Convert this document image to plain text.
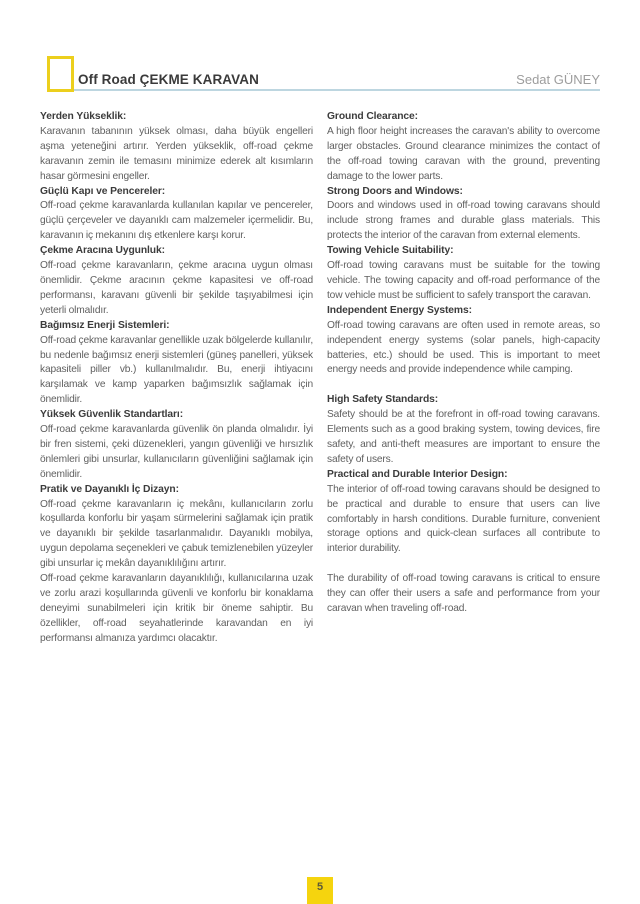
Off Road ÇEKME KARAVAN	Sedat GÜNEY
Yerden Yükseklik:

Karavanın tabanının yüksek olması, daha büyük engelleri aşma yeteneğini artırır. Yerden yükseklik, off-road çekme karavanın zemin ile temasını minimize ederek alt kısımların hasar görmesini engeller.

Güçlü Kapı ve Pencereler:

Off-road çekme karavanlarda kullanılan kapılar ve pencereler, güçlü çerçeveler ve dayanıklı cam malzemeler içermelidir. Bu, karavanın iç mekanını dış etkenlere karşı korur.

Çekme Aracına Uygunluk:

Off-road çekme karavanların, çekme aracına uygun olması önemlidir. Çekme aracının çekme kapasitesi ve off-road performansı, karavanı güvenli bir şekilde taşıyabilmesi için yeterli olmalıdır.

Bağımsız Enerji Sistemleri:

Off-road çekme karavanlar genellikle uzak bölgelerde kullanılır, bu nedenle bağımsız enerji sistemleri (güneş panelleri, yüksek kapasiteli piller vb.) kullanılmalıdır. Bu, enerji ihtiyacını karşılamak ve kamp yaparken bağımsızlık sağlamak için önemlidir.

Yüksek Güvenlik Standartları:

Off-road çekme karavanlarda güvenlik ön planda olmalıdır. İyi bir fren sistemi, çeki düzenekleri, yangın güvenliği ve hırsızlık önlemleri gibi unsurlar, kullanıcıların güvenliğini sağlamak için önemlidir.

Pratik ve Dayanıklı İç Dizayn:

Off-road çekme karavanların iç mekânı, kullanıcıların zorlu koşullarda konforlu bir yaşam sürmelerini sağlamak için pratik ve dayanıklı bir şekilde tasarlanmalıdır. Dayanıklı mobilya, uygun depolama seçenekleri ve çabuk temizlenebilen yüzeyler gibi unsurlar iç mekân dayanıklılığını artırır.

Off-road çekme karavanların dayanıklılığı, kullanıcılarına uzak ve zorlu arazi koşullarında güvenli ve konforlu bir konaklama deneyimi sunabilmeleri için kritik bir öneme sahiptir. Bu özellikler, off-road seyahatlerinde karavandan en iyi performansı almanıza yardımcı olacaktır.

Ground Clearance:

A high floor height increases the caravan's ability to overcome larger obstacles. Ground clearance minimizes the contact of the off-road towing caravan with the ground, preventing damage to the lower parts.

Strong Doors and Windows:

Doors and windows used in off-road towing caravans should include strong frames and durable glass materials. This protects the interior of the caravan from external elements.

Towing Vehicle Suitability:

Off-road towing caravans must be suitable for the towing vehicle. The towing capacity and off-road performance of the tow vehicle must be sufficient to safely transport the caravan.

Independent Energy Systems:

Off-road towing caravans are often used in remote areas, so independent energy systems (solar panels, high-capacity batteries, etc.) should be used. This is important to meet energy needs and provide independence while camping.

High Safety Standards:

Safety should be at the forefront in off-road towing caravans. Elements such as a good braking system, towing devices, fire safety, and anti-theft measures are important to ensure the safety of users.

Practical and Durable Interior Design:

The interior of off-road towing caravans should be designed to be practical and durable to ensure that users can live comfortably in harsh conditions. Durable furniture, convenient storage options and quick-clean surfaces all contribute to interior durability.

The durability of off-road towing caravans is critical to ensure they can offer their users a safe and performance from your caravan when traveling off-road.

5
